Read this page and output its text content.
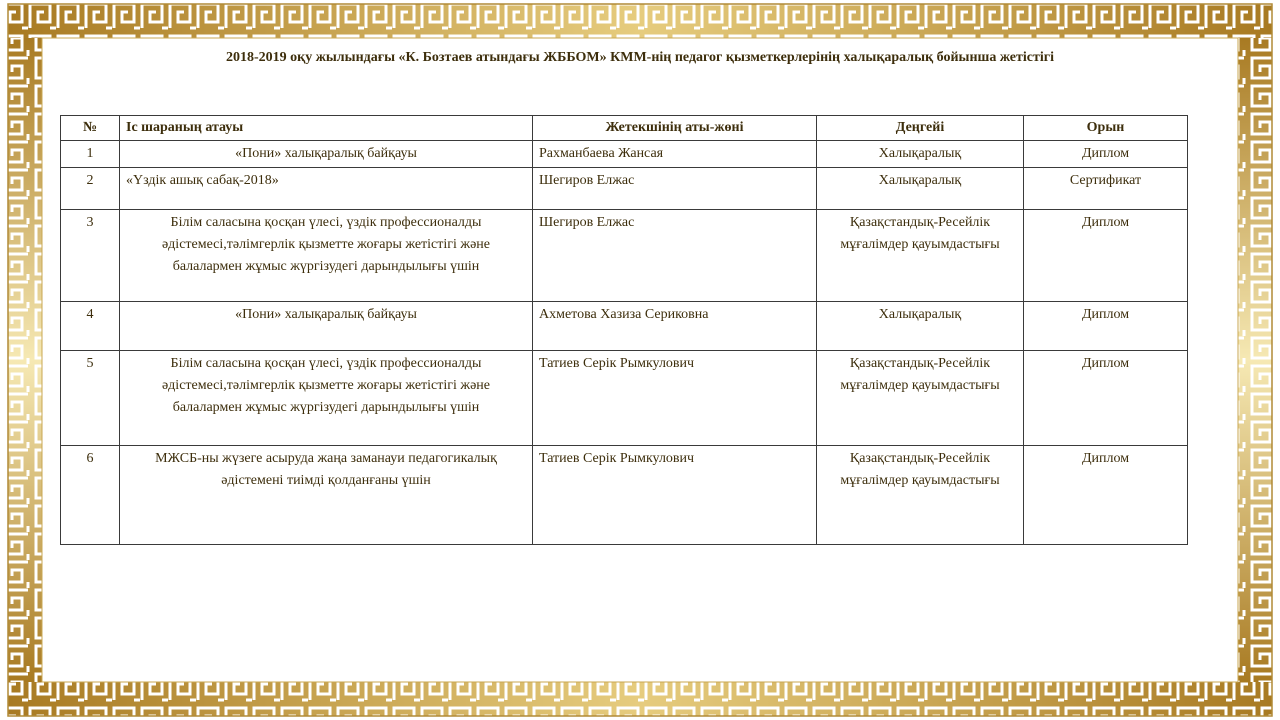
2018-2019 оқу жылындағы «К. Бозтаев атындағы ЖББОМ» КММ-нің педагог қызметкерлерінің халықаралық бойынша жетістігі
№	Іс шараның атауы	Жетекшінің аты-жөні	Деңгейі	Орын
1	«Пони» халықаралық байқауы	Рахманбаева Жансая	Халықаралық	Диплом
2	«Үздік ашық сабақ-2018»	Шегиров Елжас	Халықаралық	Сертификат
3	Білім саласына қосқан үлесі, үздік профессионалды әдістемесі,тәлімгерлік қызметте жоғары жетістігі және балалармен жұмыс жүргізудегі дарындылығы үшін	Шегиров Елжас	Қазақстандық-Ресейлік мұғалімдер қауымдастығы	Диплом
4	«Пони» халықаралық байқауы	Ахметова Хазиза Сериковна	Халықаралық	Диплом
5	Білім саласына қосқан үлесі, үздік профессионалды әдістемесі,тәлімгерлік қызметте жоғары жетістігі және балалармен жұмыс жүргізудегі дарындылығы үшін	Татиев Серік Рымкулович	Қазақстандық-Ресейлік мұғалімдер қауымдастығы	Диплом
6	МЖСБ-ны жүзеге асыруда жаңа заманауи педагогикалық әдістемені тиімді қолданғаны үшін	Татиев Серік Рымкулович	Қазақстандық-Ресейлік мұғалімдер қауымдастығы	Диплом
